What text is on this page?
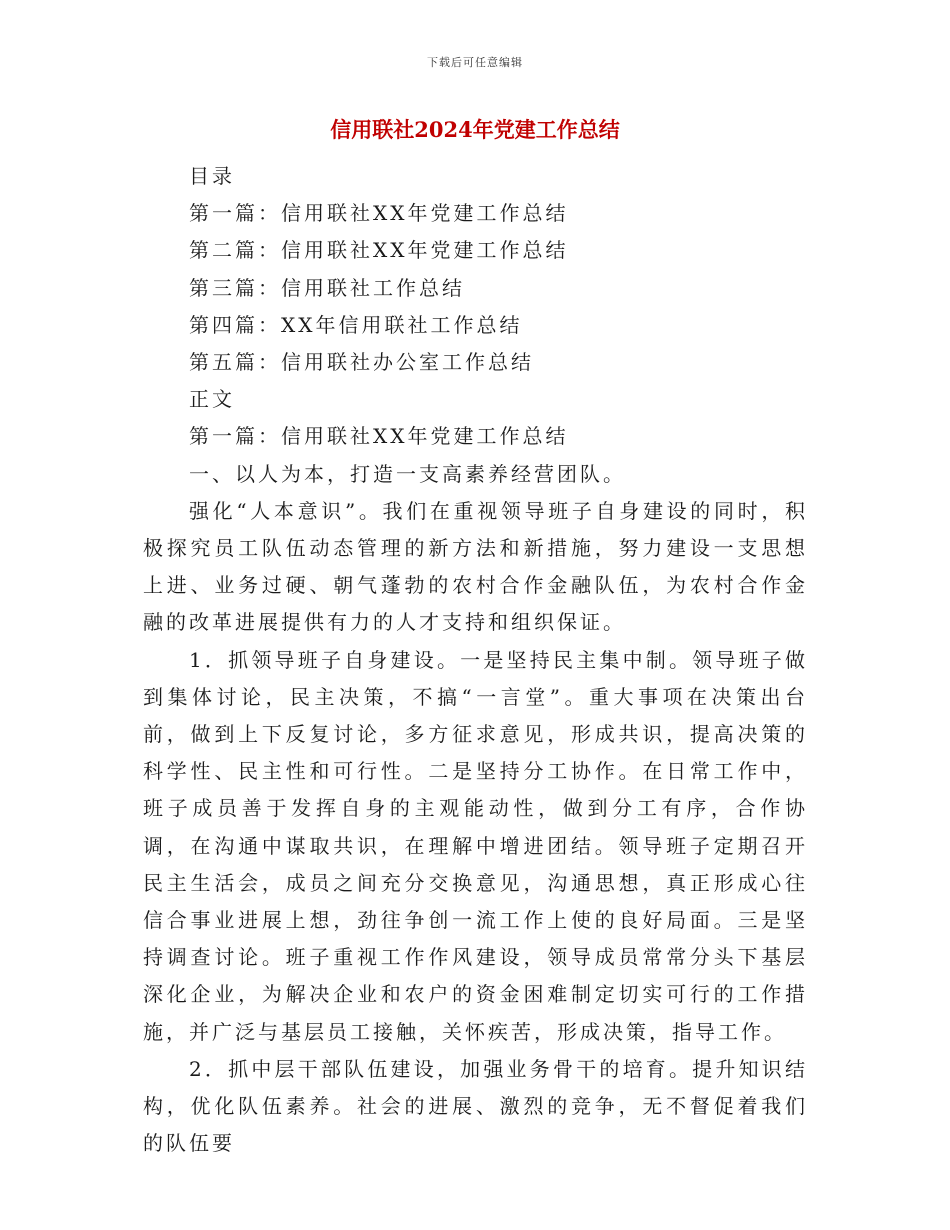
下载后可任意编辑
信用联社2024年党建工作总结

目录

第一篇：信用联社XX年党建工作总结

第二篇：信用联社XX年党建工作总结

第三篇：信用联社工作总结

第四篇：XX年信用联社工作总结

第五篇：信用联社办公室工作总结

正文

第一篇：信用联社XX年党建工作总结

一、以人为本，打造一支高素养经营团队。

强化“人本意识”。我们在重视领导班子自身建设的同时，积极探究员工队伍动态管理的新方法和新措施，努力建设一支思想上进、业务过硬、朝气蓬勃的农村合作金融队伍，为农村合作金融的改革进展提供有力的人才支持和组织保证。

1．抓领导班子自身建设。一是坚持民主集中制。领导班子做到集体讨论，民主决策，不搞“一言堂”。重大事项在决策出台前，做到上下反复讨论，多方征求意见，形成共识，提高决策的科学性、民主性和可行性。二是坚持分工协作。在日常工作中，班子成员善于发挥自身的主观能动性，做到分工有序，合作协调，在沟通中谋取共识，在理解中增进团结。领导班子定期召开民主生活会，成员之间充分交换意见，沟通思想，真正形成心往信合事业进展上想，劲往争创一流工作上使的良好局面。三是坚持调查讨论。班子重视工作作风建设，领导成员常常分头下基层深化企业，为解决企业和农户的资金困难制定切实可行的工作措施，并广泛与基层员工接触，关怀疾苦，形成决策，指导工作。

2．抓中层干部队伍建设，加强业务骨干的培育。提升知识结构，优化队伍素养。社会的进展、激烈的竞争，无不督促着我们的队伍要
